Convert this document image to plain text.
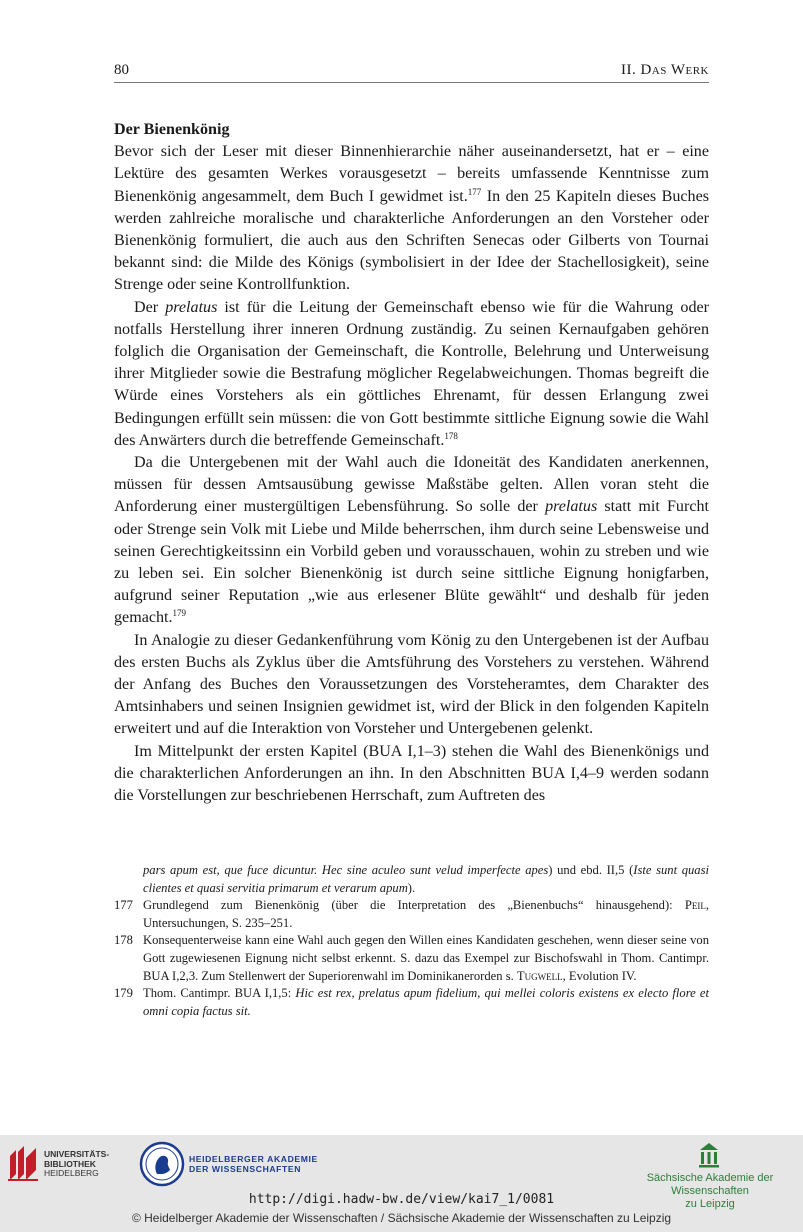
80	II. Das Werk
Der Bienenkönig

Bevor sich der Leser mit dieser Binnenhierarchie näher auseinandersetzt, hat er – eine Lektüre des gesamten Werkes vorausgesetzt – bereits umfassende Kenntnisse zum Bienenkönig angesammelt, dem Buch I gewidmet ist.$^{177}$ In den 25 Kapiteln dieses Buches werden zahlreiche moralische und charakterliche Anforderungen an den Vorsteher oder Bienenkönig formuliert, die auch aus den Schriften Senecas oder Gilberts von Tournai bekannt sind: die Milde des Königs (symbolisiert in der Idee der Stachellosigkeit), seine Strenge oder seine Kontrollfunktion.

Der prelatus ist für die Leitung der Gemeinschaft ebenso wie für die Wahrung oder notfalls Herstellung ihrer inneren Ordnung zuständig. Zu seinen Kernaufgaben gehören folglich die Organisation der Gemeinschaft, die Kontrolle, Belehrung und Unterweisung ihrer Mitglieder sowie die Bestrafung möglicher Regelabweichungen. Thomas begreift die Würde eines Vorstehers als ein göttliches Ehrenamt, für dessen Erlangung zwei Bedingungen erfüllt sein müssen: die von Gott bestimmte sittliche Eignung sowie die Wahl des Anwärters durch die betreffende Gemeinschaft.$^{178}$

Da die Untergebenen mit der Wahl auch die Idoneität des Kandidaten anerkennen, müssen für dessen Amtsausübung gewisse Maßstäbe gelten. Allen voran steht die Anforderung einer mustergültigen Lebensführung. So solle der prelatus statt mit Furcht oder Strenge sein Volk mit Liebe und Milde beherrschen, ihm durch seine Lebensweise und seinen Gerechtigkeitssinn ein Vorbild geben und vorausschauen, wohin zu streben und wie zu leben sei. Ein solcher Bienenkönig ist durch seine sittliche Eignung honigfarben, aufgrund seiner Reputation „wie aus erlesener Blüte gewählt“ und deshalb für jeden gemacht.$^{179}$

In Analogie zu dieser Gedankenführung vom König zu den Untergebenen ist der Aufbau des ersten Buchs als Zyklus über die Amtsführung des Vorstehers zu verstehen. Während der Anfang des Buches den Voraussetzungen des Vorsteheramtes, dem Charakter des Amtsinhabers und seinen Insignien gewidmet ist, wird der Blick in den folgenden Kapiteln erweitert und auf die Interaktion von Vorsteher und Untergebenen gelenkt.

Im Mittelpunkt der ersten Kapitel (BUA I,1–3) stehen die Wahl des Bienenkönigs und die charakterlichen Anforderungen an ihn. In den Abschnitten BUA I,4–9 werden sodann die Vorstellungen zur beschriebenen Herrschaft, zum Auftreten des

pars apum est, que fuce dicuntur. Hec sine aculeo sunt velud imperfecte apes) und ebd. II,5 (Iste sunt quasi clientes et quasi servitia primarum et verarum apum).

177 Grundlegend zum Bienenkönig (über die Interpretation des „Bienenbuchs“ hinausgehend): Peil, Untersuchungen, S. 235–251.

178 Konsequenterweise kann eine Wahl auch gegen den Willen eines Kandidaten geschehen, wenn dieser seine von Gott zugewiesenen Eignung nicht selbst erkennt. S. dazu das Exempel zur Bischofswahl in Thom. Cantimpr. BUA I,2,3. Zum Stellenwert der Superiorenwahl im Dominikanerorden s. Tugwell, Evolution IV.

179 Thom. Cantimpr. BUA I,1,5: Hic est rex, prelatus apum fidelium, qui mellei coloris existens ex electo flore et omni copia factus sit.

UNIVERSITÄTS-
BIBLIOTHEK
HEIDELBERG
HEIDELBERGER AKADEMIE
DER WISSENSCHAFTEN
Sächsische Akademie der Wissenschaften
zu Leipzig
http://digi.hadw-bw.de/view/kai7_1/0081
© Heidelberger Akademie der Wissenschaften / Sächsische Akademie der Wissenschaften zu Leipzig
